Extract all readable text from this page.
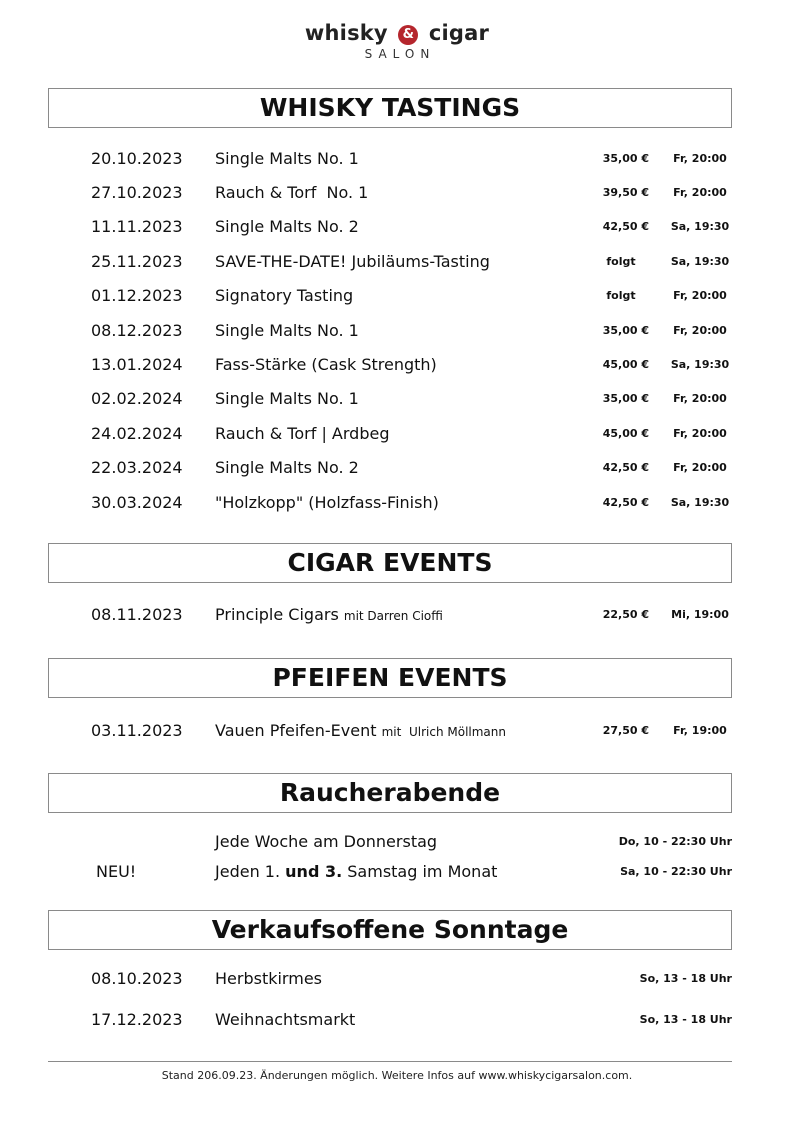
whisky & cigar
SALON
WHISKY TASTINGS
20.10.2023 Single Malts No. 1	35,00 €	Fr, 20:00
27.10.2023 Rauch & Torf  No. 1	39,50 €	Fr, 20:00
11.11.2023 Single Malts No. 2	42,50 €	Sa, 19:30
25.11.2023 SAVE-THE-DATE! Jubiläums-Tasting	folgt	Sa, 19:30
01.12.2023 Signatory Tasting	folgt	Fr, 20:00
08.12.2023 Single Malts No. 1	35,00 €	Fr, 20:00
13.01.2024 Fass-Stärke (Cask Strength)	45,00 €	Sa, 19:30
02.02.2024 Single Malts No. 1	35,00 €	Fr, 20:00
24.02.2024 Rauch & Torf | Ardbeg	45,00 €	Fr, 20:00
22.03.2024 Single Malts No. 2	42,50 €	Fr, 20:00
30.03.2024 "Holzkopp" (Holzfass-Finish)	42,50 €	Sa, 19:30
CIGAR EVENTS
08.11.2023 Principle Cigars mit Darren Cioffi	22,50 €	Mi, 19:00
PFEIFEN EVENTS
03.11.2023 Vauen Pfeifen-Event mit  Ulrich Möllmann	27,50 €	Fr, 19:00
Raucherabende
Jede Woche am Donnerstag	Do, 10 - 22:30 Uhr
NEU!	Jeden 1. und 3. Samstag im Monat	Sa, 10 - 22:30 Uhr
Verkaufsoffene Sonntage
08.10.2023 Herbstkirmes	So, 13 - 18 Uhr
17.12.2023 Weihnachtsmarkt	So, 13 - 18 Uhr
Stand 206.09.23. Änderungen möglich. Weitere Infos auf www.whiskycigarsalon.com.
